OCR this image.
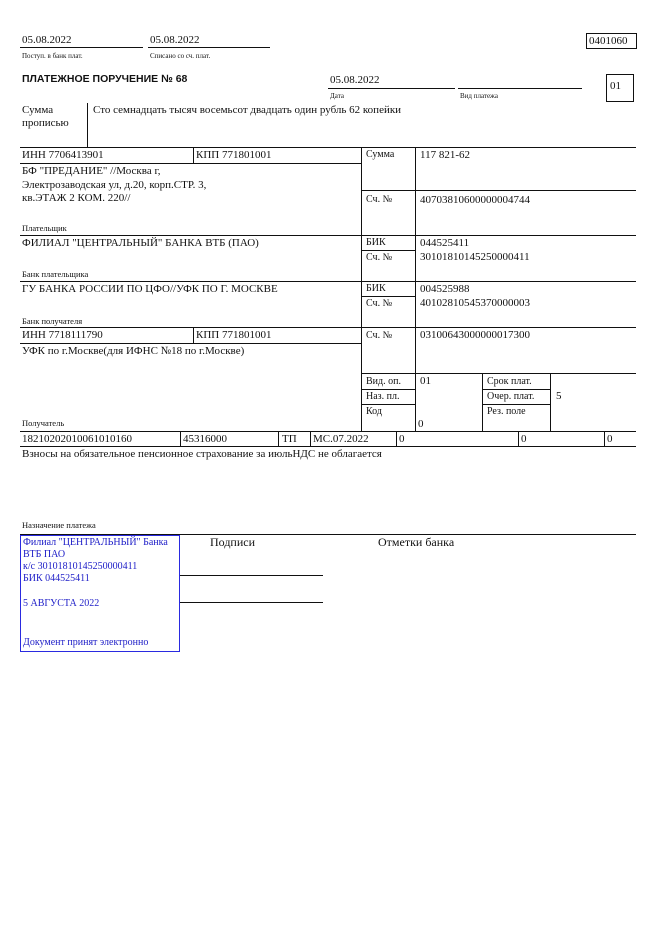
05.08.2022
Поступ. в банк плат.
05.08.2022
Списано со сч. плат.
0401060
ПЛАТЕЖНОЕ ПОРУЧЕНИЕ № 68	05.08.2022
Дата	Вид платежа
01
Сумма
прописью
Сто семнадцать тысяч восемьсот двадцать один рубль 62 копейки
ИНН 7706413901	КПП 771801001
БФ "ПРЕДАНИЕ" //Москва г,
Электрозаводская ул, д.20, корп.СТР. 3,
кв.ЭТАЖ 2 КОМ. 220//
Плательщик
Сумма 117 821-62
Сч. №	40703810600000004744
ФИЛИАЛ "ЦЕНТРАЛЬНЫЙ" БАНКА ВТБ (ПАО)
Банк плательщика
БИК	044525411
Сч. №	30101810145250000411
ГУ БАНКА РОССИИ ПО ЦФО//УФК ПО Г. МОСКВЕ
Банк получателя
БИК	004525988
Сч. №	40102810545370000003
ИНН 7718111790	КПП 771801001
УФК по г.Москве(для ИФНС №18 по г.Москве)
Получатель
Сч. №	03100643000000017300
Вид. оп. 01
Наз. пл.
Код
0
Срок плат.
Очер. плат. 5
Рез. поле
18210202010061010160	45316000	ТП МС.07.2022	0	0	0
Взносы на обязательное пенсионное страхование за июльНДС не облагается
Назначение платежа
Филиал "ЦЕНТРАЛЬНЫЙ" Банка
ВТБ ПАО
к/с 30101810145250000411
БИК 044525411
5 АВГУСТА 2022
Документ принят электронно
Подписи	Отметки банка
